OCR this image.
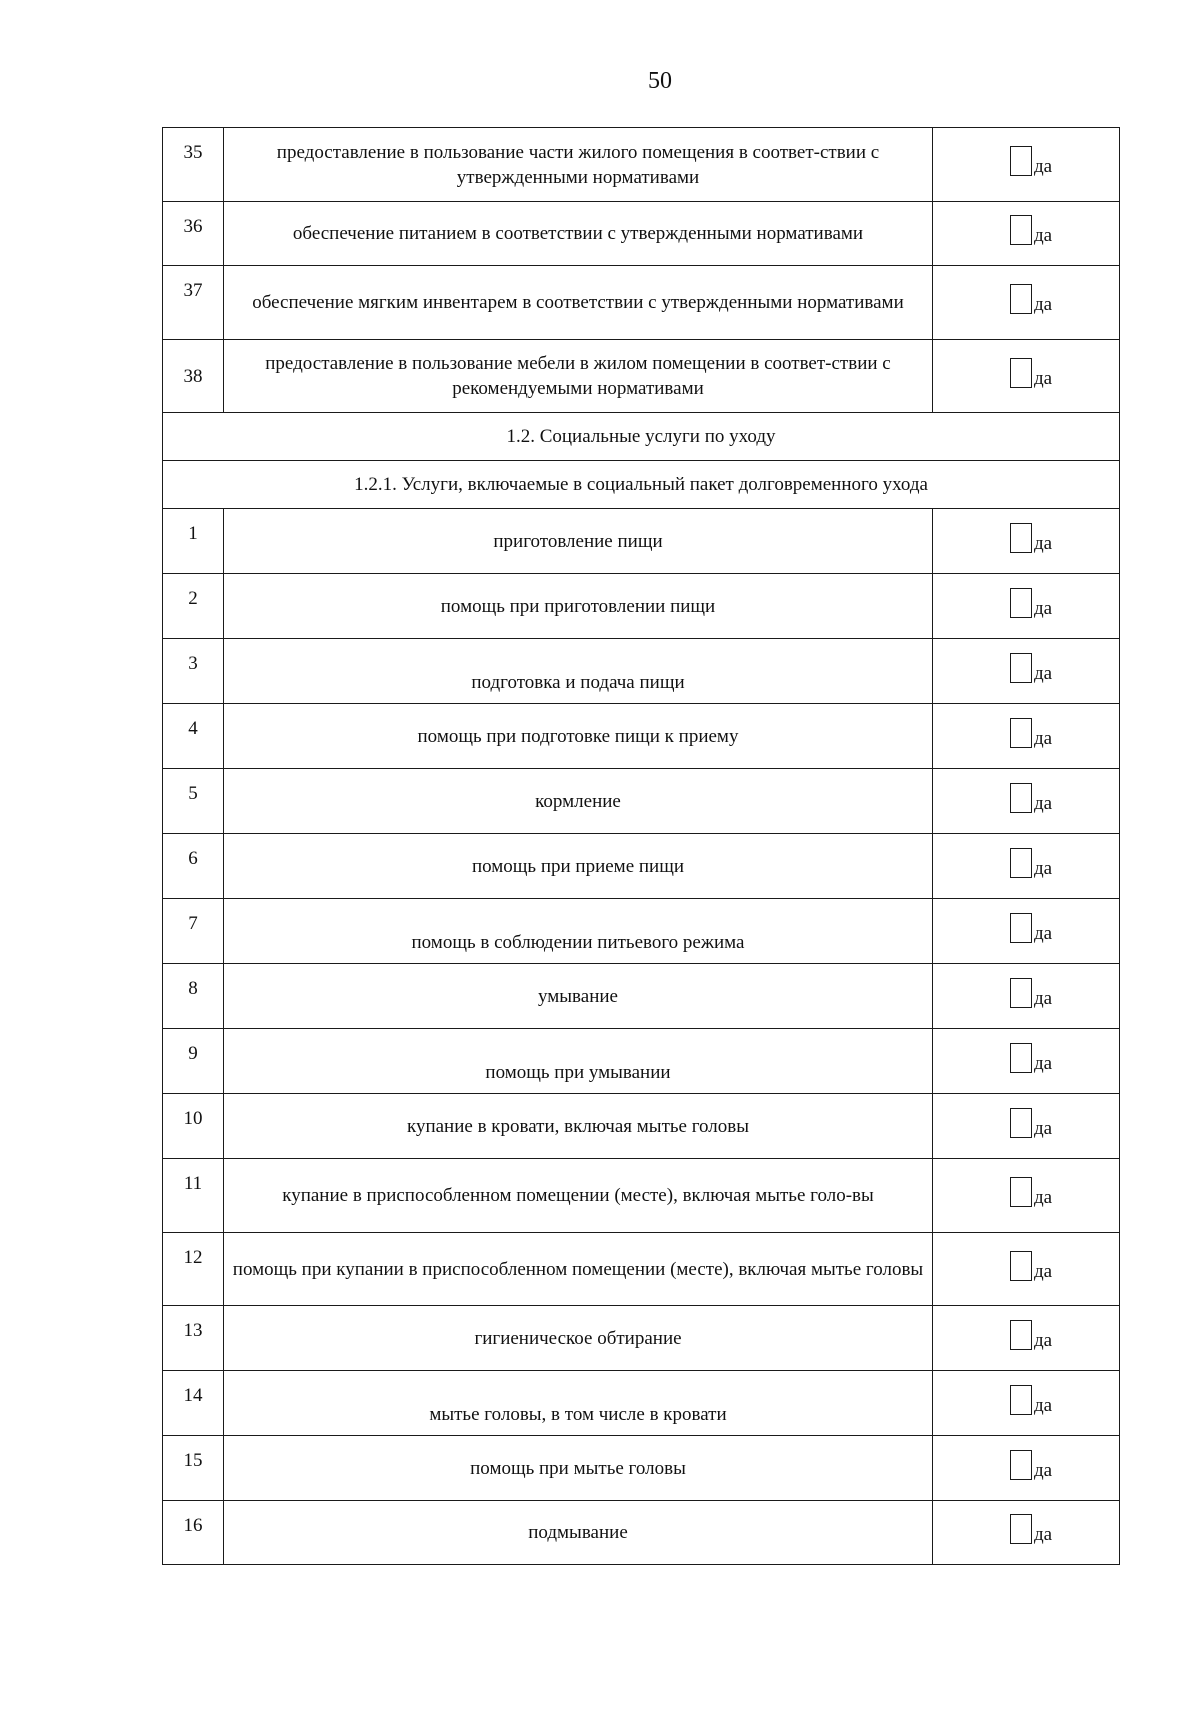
50
35	предоставление в пользование части жилого помещения в соответ-ствии с утвержденными нормативами	да

36	обеспечение питанием в соответствии с утвержденными нормативами	да

37	обеспечение мягким инвентарем в соответствии с утвержденными нормативами	да

38	предоставление в пользование мебели в жилом помещении в соответ-ствии с рекомендуемыми нормативами	да

1.2. Социальные услуги по уходу		
1.2.1. Услуги, включаемые в социальный пакет долговременного ухода		
1	приготовление пищи	да

2	помощь при приготовлении пищи	да

3	подготовка и подача пищи	да

4	помощь при подготовке пищи к приему	да

5	кормление	да

6	помощь при приеме пищи	да

7	помощь в соблюдении питьевого режима	да

8	умывание	да

9	помощь при умывании	да

10	купание в кровати, включая мытье головы	да

11	купание в приспособленном помещении (месте), включая мытье голо-вы	да

12	помощь при купании в приспособленном помещении (месте), включая мытье головы	да

13	гигиеническое обтирание	да

14	мытье головы, в том числе в кровати	да

15	помощь при мытье головы	да

16	подмывание	да
